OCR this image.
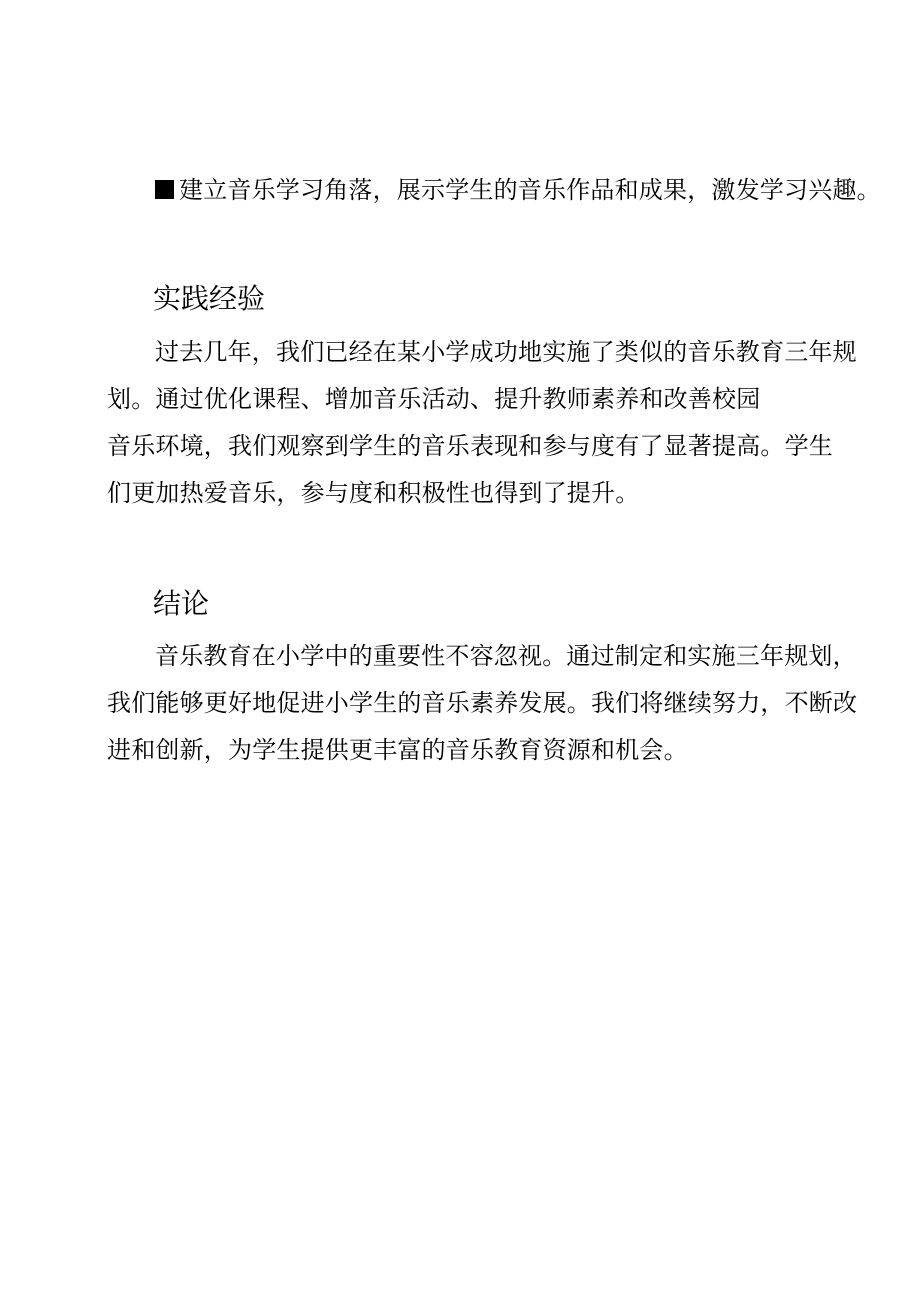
建立音乐学习角落，展示学生的音乐作品和成果，激发学习兴趣。
实践经验
过去几年，我们已经在某小学成功地实施了类似的音乐教育三年规
划。通过优化课程、增加音乐活动、提升教师素养和改善校园
音乐环境，我们观察到学生的音乐表现和参与度有了显著提高。学生
们更加热爱音乐，参与度和积极性也得到了提升。
结论
音乐教育在小学中的重要性不容忽视。通过制定和实施三年规划，
我们能够更好地促进小学生的音乐素养发展。我们将继续努力，不断改
进和创新，为学生提供更丰富的音乐教育资源和机会。
